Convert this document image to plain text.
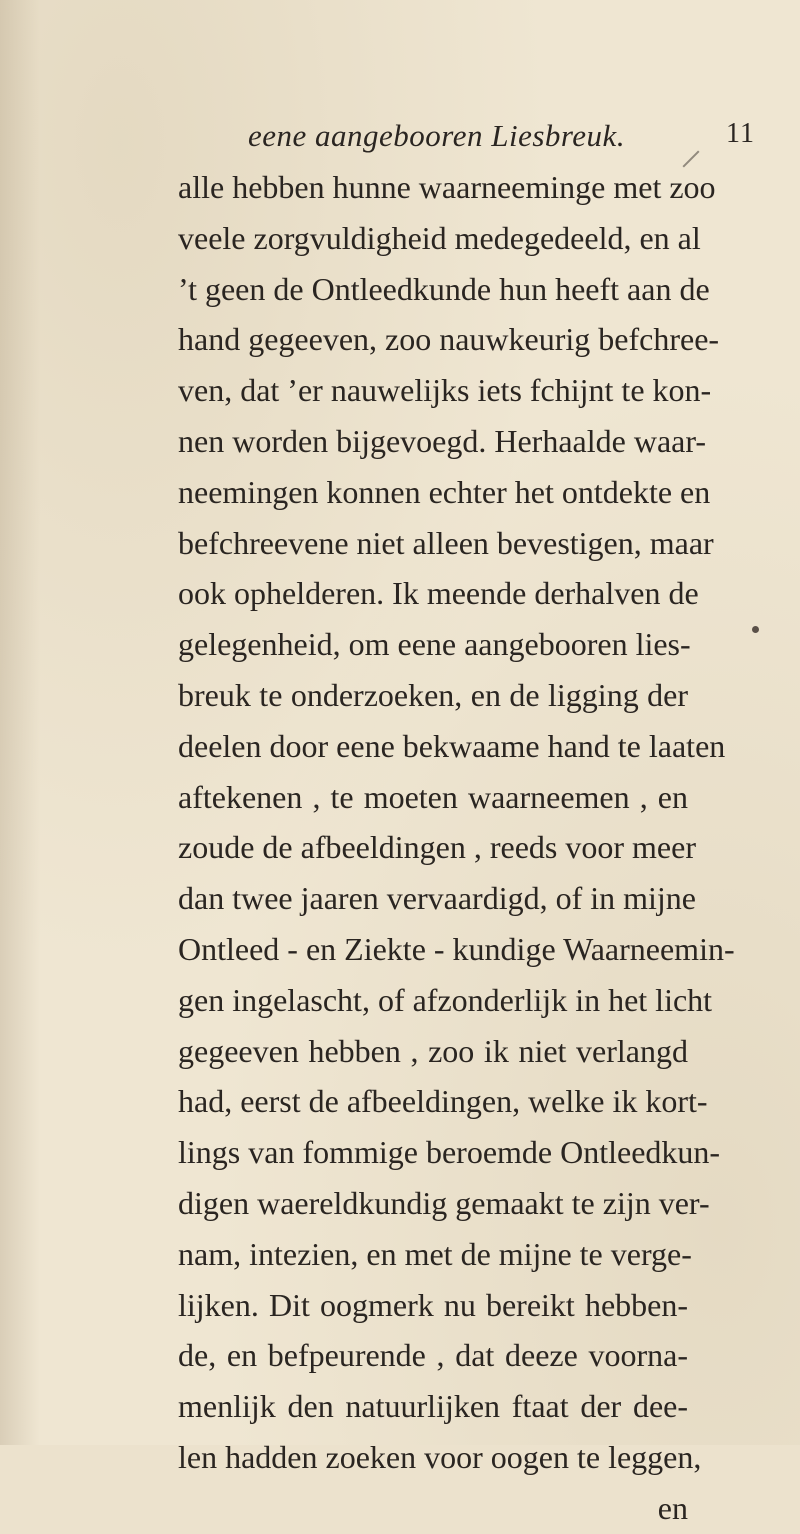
eene aangebooren Liesbreuk.	11
alle hebben hunne waarneeminge met zoo
veele zorgvuldigheid medegedeeld, en al
’t geen de Ontleedkunde hun heeft aan de
hand gegeeven, zoo nauwkeurig befchree-
ven, dat ’er nauwelijks iets fchijnt te kon-
nen worden bijgevoegd. Herhaalde waar-
neemingen konnen echter het ontdekte en
befchreevene niet alleen bevestigen, maar
ook ophelderen. Ik meende derhalven de
gelegenheid, om eene aangebooren lies-
breuk te onderzoeken, en de ligging der
deelen door eene bekwaame hand te laaten
aftekenen , te moeten waarneemen , en
zoude de afbeeldingen , reeds voor meer
dan twee jaaren vervaardigd, of in mijne
Ontleed - en Ziekte - kundige Waarneemin-
gen ingelascht, of afzonderlijk in het licht
gegeeven hebben , zoo ik niet verlangd
had, eerst de afbeeldingen, welke ik kort-
lings van fommige beroemde Ontleedkun-
digen waereldkundig gemaakt te zijn ver-
nam, intezien, en met de mijne te verge-
lijken. Dit oogmerk nu bereikt hebben-
de, en befpeurende , dat deeze voorna-
menlijk den natuurlijken ftaat der dee-
len hadden zoeken voor oogen te leggen,
en
